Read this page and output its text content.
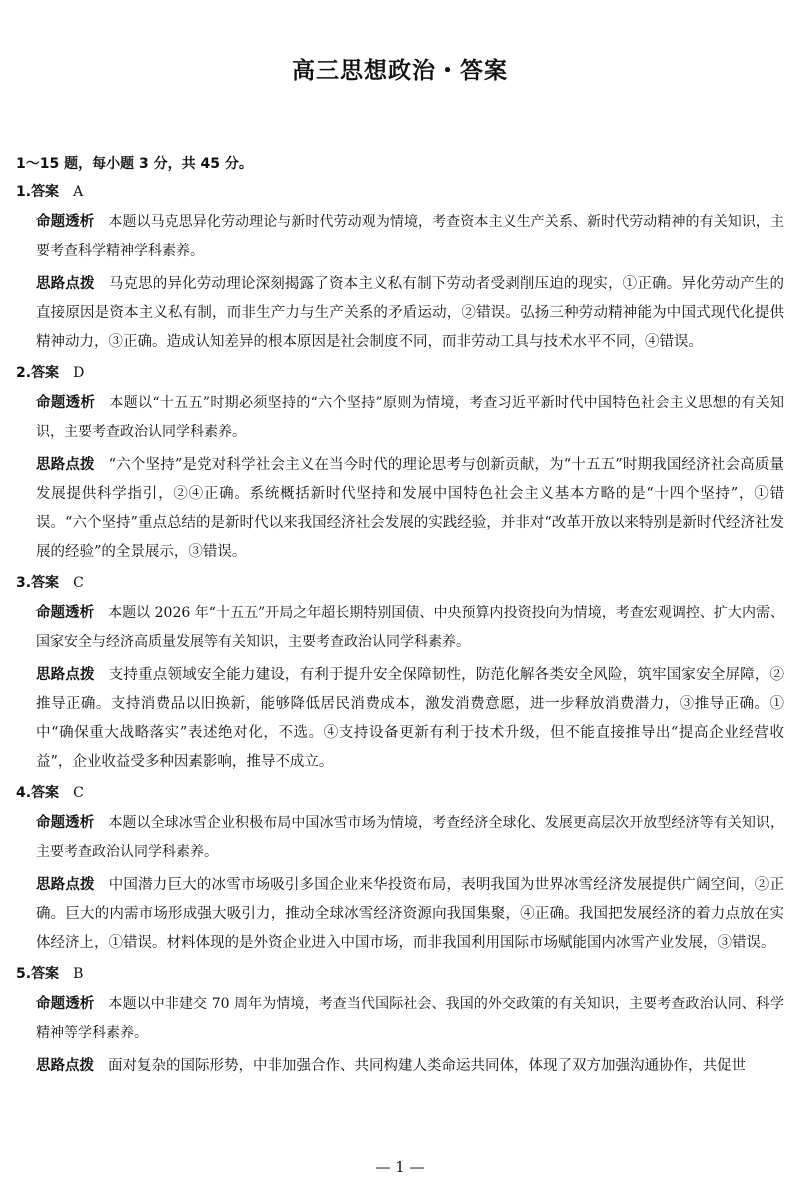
高三思想政治・答案
1～15 题，每小题 3 分，共 45 分。
1.答案 A
命题透析 本题以马克思异化劳动理论与新时代劳动观为情境，考查资本主义生产关系、新时代劳动精神的有关知识，主要考查科学精神学科素养。
思路点拨 马克思的异化劳动理论深刻揭露了资本主义私有制下劳动者受剥削压迫的现实，①正确。异化劳动产生的直接原因是资本主义私有制，而非生产力与生产关系的矛盾运动，②错误。弘扬三种劳动精神能为中国式现代化提供精神动力，③正确。造成认知差异的根本原因是社会制度不同，而非劳动工具与技术水平不同，④错误。
2.答案 D
命题透析 本题以“十五五”时期必须坚持的“六个坚持”原则为情境，考查习近平新时代中国特色社会主义思想的有关知识，主要考查政治认同学科素养。
思路点拨 “六个坚持”是党对科学社会主义在当今时代的理论思考与创新贡献，为“十五五”时期我国经济社会高质量发展提供科学指引，②④正确。系统概括新时代坚持和发展中国特色社会主义基本方略的是“十四个坚持”，①错误。“六个坚持”重点总结的是新时代以来我国经济社会发展的实践经验，并非对“改革开放以来特别是新时代经济社发展的经验”的全景展示，③错误。
3.答案 C
命题透析 本题以 2026 年“十五五”开局之年超长期特别国债、中央预算内投资投向为情境，考查宏观调控、扩大内需、国家安全与经济高质量发展等有关知识，主要考查政治认同学科素养。
思路点拨 支持重点领域安全能力建设，有利于提升安全保障韧性，防范化解各类安全风险，筑牢国家安全屏障，②推导正确。支持消费品以旧换新，能够降低居民消费成本，激发消费意愿，进一步释放消费潜力，③推导正确。①中“确保重大战略落实”表述绝对化，不选。④支持设备更新有利于技术升级，但不能直接推导出“提高企业经营收益”，企业收益受多种因素影响，推导不成立。
4.答案 C
命题透析 本题以全球冰雪企业积极布局中国冰雪市场为情境，考查经济全球化、发展更高层次开放型经济等有关知识，主要考查政治认同学科素养。
思路点拨 中国潜力巨大的冰雪市场吸引多国企业来华投资布局，表明我国为世界冰雪经济发展提供广阔空间，②正确。巨大的内需市场形成强大吸引力，推动全球冰雪经济资源向我国集聚，④正确。我国把发展经济的着力点放在实体经济上，①错误。材料体现的是外资企业进入中国市场，而非我国利用国际市场赋能国内冰雪产业发展，③错误。
5.答案 B
命题透析 本题以中非建交 70 周年为情境，考查当代国际社会、我国的外交政策的有关知识，主要考查政治认同、科学精神等学科素养。
思路点拨 面对复杂的国际形势，中非加强合作、共同构建人类命运共同体，体现了双方加强沟通协作，共促世
— 1 —
